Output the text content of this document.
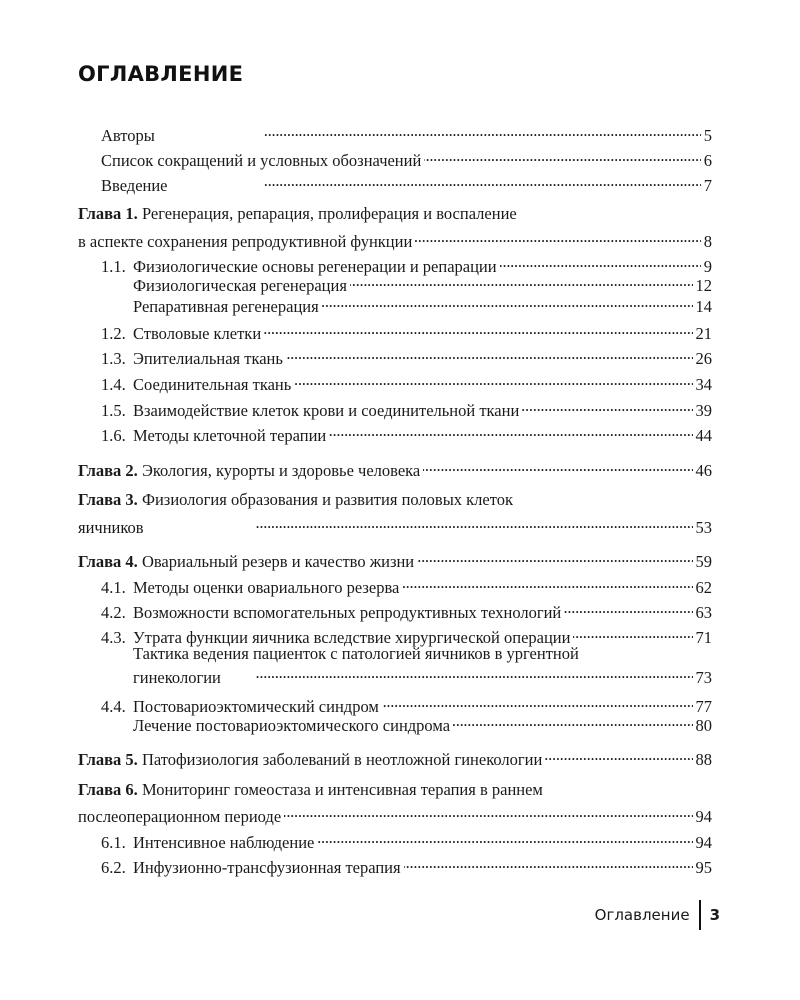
ОГЛАВЛЕНИЕ
Авторы . . .	5
Список сокращений и условных обозначений . . .	6
Введение . . .	7
Глава 1. Регенерация, репарация, пролиферация и воспаление
в аспекте сохранения репродуктивной функции . . .	8
1.1. Физиологические основы регенерации и репарации . . .	9
Физиологическая регенерация . . .	12
Репаративная регенерация . . .	14
1.2. Стволовые клетки . . .	21
1.3. Эпителиальная ткань . . .	26
1.4. Соединительная ткань . . .	34
1.5. Взаимодействие клеток крови и соединительной ткани . . .	39
1.6. Методы клеточной терапии . . .	44
Глава 2.
Экология, курорты и здоровье человека . . .	46
Глава 3. Физиология образования и развития половых клеток
яичников . . .	53
Глава 4.
Овариальный резерв и качество жизни . . .	59
4.1. Методы оценки овариального резерва . . .	62
4.2. Возможности вспомогательных репродуктивных технологий . . .	63
4.3. Утрата функции яичника вследствие хирургической операции . . .	71
Тактика ведения пациенток с патологией яичников в ургентной
гинекологии . . .	73
4.4. Постовариоэктомический синдром . . .	77
Лечение постовариоэктомического синдрома . . .	80
Глава 5.
Патофизиология заболеваний в неотложной гинекологии . . .	88
Глава 6. Мониторинг гомеостаза и интенсивная терапия в раннем
послеоперационном периоде . . .	94
6.1. Интенсивное наблюдение . . .	94
6.2. Инфузионно-трансфузионная терапия . . .	95
Оглавление 3
